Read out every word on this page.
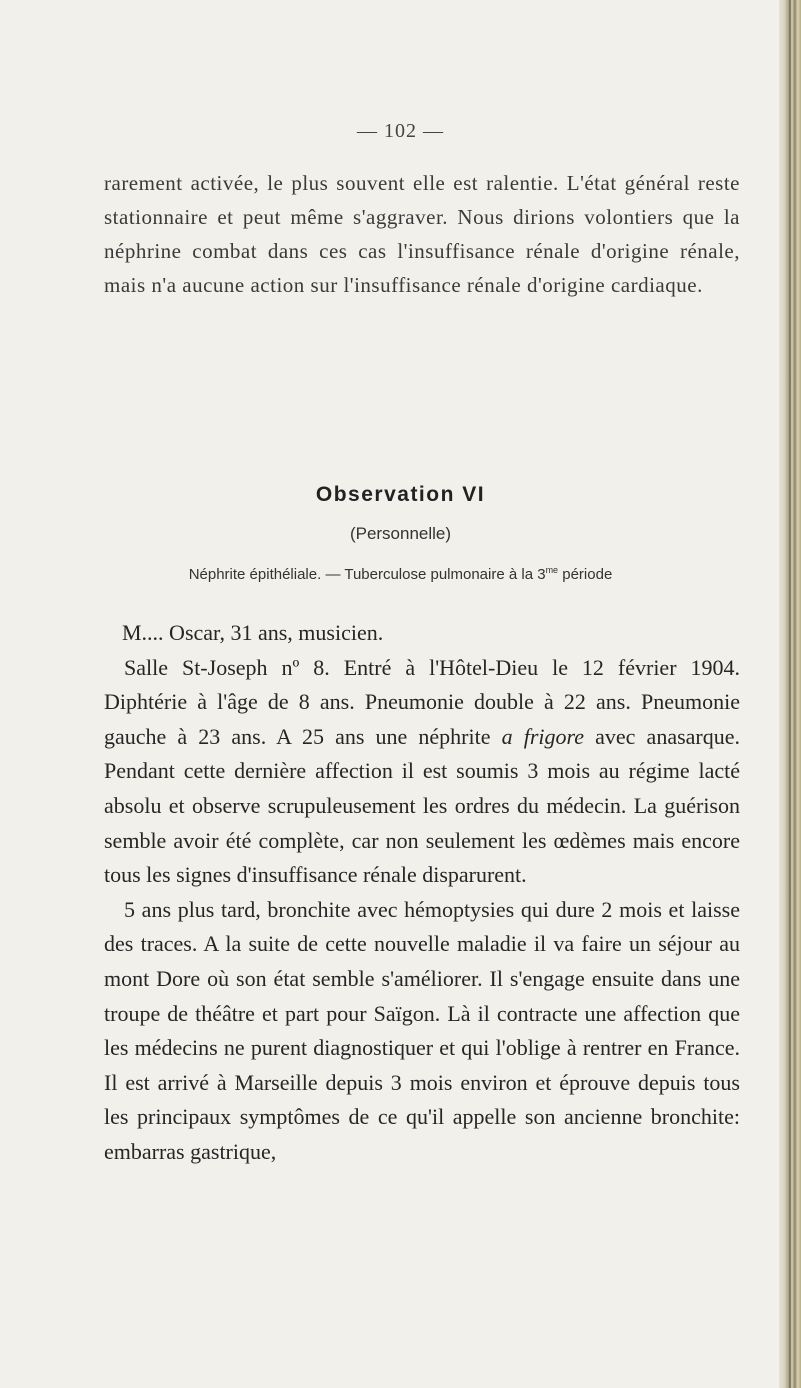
— 102 —
rarement activée, le plus souvent elle est ralentie. L'état général reste stationnaire et peut même s'aggraver. Nous dirions volontiers que la néphrine combat dans ces cas l'insuffisance rénale d'origine rénale, mais n'a aucune action sur l'insuffisance rénale d'origine cardiaque.
Observation VI
(Personnelle)
Néphrite épithéliale. — Tuberculose pulmonaire à la $3^{me}$ période

M.... Oscar, 31 ans, musicien.

Salle St-Joseph nº 8. Entré à l'Hôtel-Dieu le 12 février 1904. Diphtérie à l'âge de 8 ans. Pneumonie double à 22 ans. Pneumonie gauche à 23 ans. A 25 ans une néphrite a frigore avec anasarque. Pendant cette dernière affection il est soumis 3 mois au régime lacté absolu et observe scrupuleusement les ordres du médecin. La guérison semble avoir été complète, car non seulement les œdèmes mais encore tous les signes d'insuffisance rénale disparurent.

5 ans plus tard, bronchite avec hémoptysies qui dure 2 mois et laisse des traces. A la suite de cette nouvelle maladie il va faire un séjour au mont Dore où son état semble s'améliorer. Il s'engage ensuite dans une troupe de théâtre et part pour Saïgon. Là il contracte une affection que les médecins ne purent diagnostiquer et qui l'oblige à rentrer en France. Il est arrivé à Marseille depuis 3 mois environ et éprouve depuis tous les principaux symptômes de ce qu'il appelle son ancienne bronchite: embarras gastrique,
